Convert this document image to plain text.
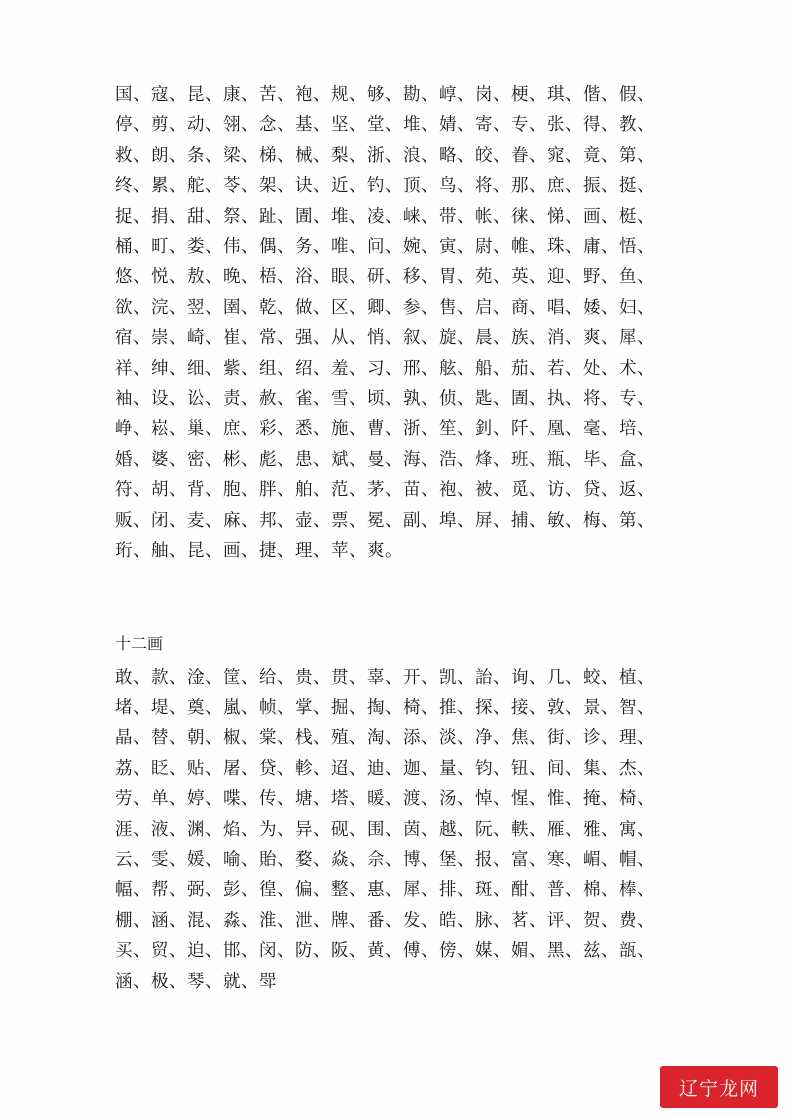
国、寇、昆、康、苦、袍、规、够、勘、崞、岗、梗、琪、偕、假、停、剪、动、翎、念、基、坚、堂、堆、婧、寄、专、张、得、教、救、朗、条、梁、梯、械、梨、浙、浪、略、皎、眷、窕、竟、第、终、累、舵、苓、架、诀、近、钓、顶、鸟、将、那、庶、振、挺、捉、捐、甜、祭、趾、圊、堆、凌、崃、带、帐、徕、悌、画、梃、桶、町、娄、伟、偶、务、唯、问、婉、寅、尉、帷、珠、庸、悟、悠、悦、敖、晚、梧、浴、眼、研、移、胃、苑、英、迎、野、鱼、欲、浣、翌、圉、乾、做、区、卿、参、售、启、商、唱、婑、妇、宿、崇、崎、崔、常、强、从、悄、叙、旋、晨、族、消、爽、犀、祥、绅、细、紫、组、绍、羞、习、邢、舷、船、茄、若、处、术、袖、设、讼、责、赦、雀、雪、顷、孰、侦、匙、圊、执、将、专、峥、崧、巢、庶、彩、悉、施、曹、浙、笙、釗、阡、凰、毫、培、婚、婆、密、彬、彪、患、斌、曼、海、浩、烽、班、瓶、毕、盒、符、胡、背、胞、胖、舶、范、茅、苗、袍、被、觅、访、贷、返、贩、闭、麦、麻、邦、壶、票、冕、副、埠、屏、捕、敏、梅、第、珩、舳、昆、画、捷、理、苹、爽。
十二画
敢、款、淦、筐、给、贵、贯、辜、开、凯、詒、询、几、蛟、植、堵、堤、奠、嵐、帧、掌、掘、掏、椅、推、探、接、敦、景、智、晶、替、朝、椒、棠、栈、殖、淘、添、淡、净、焦、街、诊、理、荔、眨、贴、屠、贷、軫、迢、迪、迦、量、钧、钮、间、集、杰、劳、单、婷、喋、传、塘、塔、暖、渡、汤、悼、惺、惟、掩、椅、涯、液、渊、焰、为、异、砚、围、茵、越、阮、軼、雁、雅、寓、云、雯、媛、喻、貽、婺、焱、佘、博、堡、报、富、寒、嵋、帽、幅、帮、弼、彭、徨、偏、整、惠、犀、排、斑、酣、普、棉、棒、棚、涵、混、淼、淮、泄、牌、番、发、皓、脉、茗、评、贺、费、买、贸、迫、邯、闵、防、阪、黄、傅、傍、媒、媚、黑、兹、瓿、涵、极、琴、就、斝
辽宁龙网
